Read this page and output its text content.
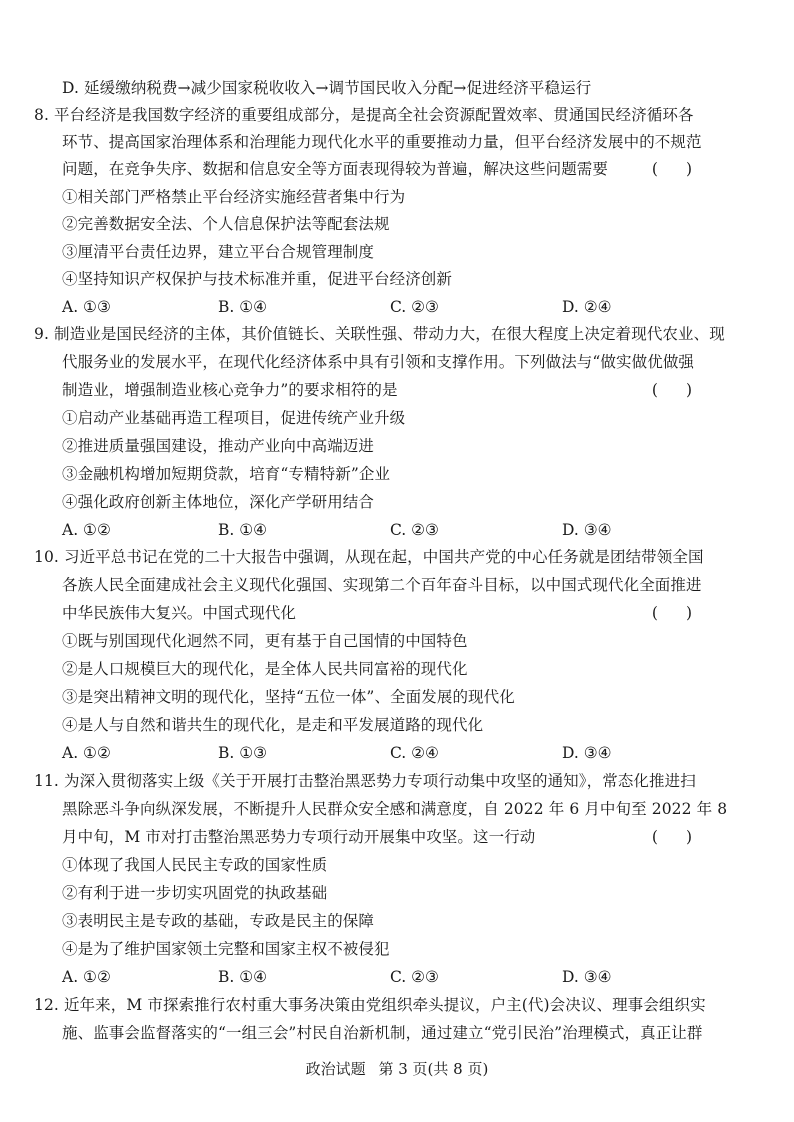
D. 延缓缴纳税费→减少国家税收收入→调节国民收入分配→促进经济平稳运行
8. 平台经济是我国数字经济的重要组成部分，是提高全社会资源配置效率、贯通国民经济循环各
环节、提高国家治理体系和治理能力现代化水平的重要推动力量，但平台经济发展中的不规范
问题，在竞争失序、数据和信息安全等方面表现得较为普遍，解决这些问题需要	()
①相关部门严格禁止平台经济实施经营者集中行为
②完善数据安全法、个人信息保护法等配套法规
③厘清平台责任边界，建立平台合规管理制度
④坚持知识产权保护与技术标准并重，促进平台经济创新
A. ①③	B. ①④	C. ②③	D. ②④
9. 制造业是国民经济的主体，其价值链长、关联性强、带动力大，在很大程度上决定着现代农业、现
代服务业的发展水平，在现代化经济体系中具有引领和支撑作用。下列做法与“做实做优做强
制造业，增强制造业核心竞争力”的要求相符的是	()
①启动产业基础再造工程项目，促进传统产业升级
②推进质量强国建设，推动产业向中高端迈进
③金融机构增加短期贷款，培育“专精特新”企业
④强化政府创新主体地位，深化产学研用结合
A. ①②	B. ①④	C. ②③	D. ③④
10. 习近平总书记在党的二十大报告中强调，从现在起，中国共产党的中心任务就是团结带领全国
各族人民全面建成社会主义现代化强国、实现第二个百年奋斗目标，以中国式现代化全面推进
中华民族伟大复兴。中国式现代化	()
①既与别国现代化迥然不同，更有基于自己国情的中国特色
②是人口规模巨大的现代化，是全体人民共同富裕的现代化
③是突出精神文明的现代化，坚持“五位一体”、全面发展的现代化
④是人与自然和谐共生的现代化，是走和平发展道路的现代化
A. ①②	B. ①③	C. ②④	D. ③④
11. 为深入贯彻落实上级《关于开展打击整治黑恶势力专项行动集中攻坚的通知》，常态化推进扫
黑除恶斗争向纵深发展，不断提升人民群众安全感和满意度，自 2022 年 6 月中旬至 2022 年 8
月中旬，M 市对打击整治黑恶势力专项行动开展集中攻坚。这一行动	()
①体现了我国人民民主专政的国家性质
②有利于进一步切实巩固党的执政基础
③表明民主是专政的基础，专政是民主的保障
④是为了维护国家领土完整和国家主权不被侵犯
A. ①②	B. ①④	C. ②③	D. ③④
12. 近年来，M 市探索推行农村重大事务决策由党组织牵头提议，户主(代)会决议、理事会组织实
施、监事会监督落实的“一组三会”村民自治新机制，通过建立“党引民治”治理模式，真正让群
政治试题 第 3 页(共 8 页)
